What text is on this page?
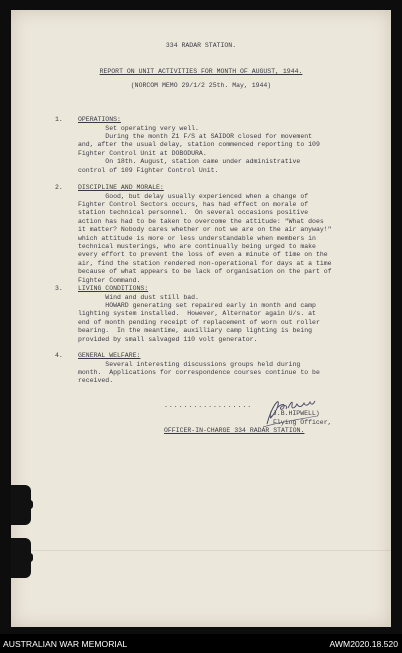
334 RADAR STATION.
REPORT ON UNIT ACTIVITIES FOR MONTH OF AUGUST, 1944.
(NORCOM MEMO 29/1/2 25th. May, 1944)
1. OPERATIONS:
Set operating very well.
During the month Z1 F/S at SAIDOR closed for movement
and, after the usual delay, station commenced reporting to 109
Fighter Control Unit at DOBODURA.
On 18th. August, station came under administrative
control of 109 Fighter Control Unit.
2. DISCIPLINE AND MORALE:
Good, but delay usually experienced when a change of
Fighter Control Sectors occurs, has had effect on morale of
station technical personnel.  On several occasions positive
action has had to be taken to overcome the attitude: "What does
it matter? Nobody cares whether or not we are on the air anyway!"
which attitude is more or less understandable when members in
technical musterings, who are continually being urged to make
every effort to prevent the loss of even a minute of time on the
air, find the station rendered non-operational for days at a time
because of what appears to be lack of organisation on the part of
Fighter Command.
3. LIVING CONDITIONS:
Wind and dust still bad.
HOWARD generating set repaired early in month and camp
lighting system installed.  However, Alternator again U/s. at
end of month pending receipt of replacement of worn out roller
bearing.  In the meantime, auxilliary camp lighting is being
provided by small salvaged 110 volt generator.
4. GENERAL WELFARE:
Several interesting discussions groups held during
month.  Applications for correspondence courses continue to be
received.
..................
(J.B.HIPWELL)
Flying Officer,
OFFICER-IN-CHARGE 334 RADAR STATION.
AUSTRALIAN WAR MEMORIAL	AWM2020.18.520
